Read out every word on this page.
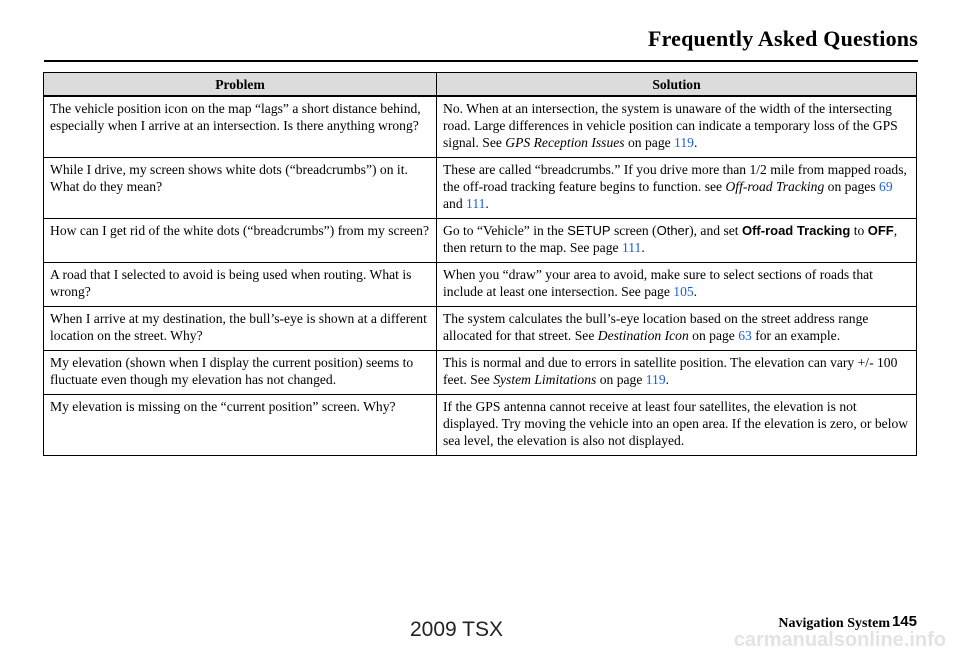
Frequently Asked Questions
Problem	Solution
The vehicle position icon on the map “lags” a short distance behind, especially when I arrive at an intersection. Is there anything wrong?	No. When at an intersection, the system is unaware of the width of the intersecting road. Large differences in vehicle position can indicate a temporary loss of the GPS signal. See GPS Reception Issues on page 119.
While I drive, my screen shows white dots (“breadcrumbs”) on it. What do they mean?	These are called “breadcrumbs.” If you drive more than 1/2 mile from mapped roads, the off-road tracking feature begins to function. see Off-road Tracking on pages 69 and 111.
How can I get rid of the white dots (“breadcrumbs”) from my screen?	Go to “Vehicle” in the SETUP screen (Other), and set Off-road Tracking to OFF, then return to the map. See page 111.
A road that I selected to avoid is being used when routing. What is wrong?	When you “draw” your area to avoid, make sure to select sections of roads that include at least one intersection. See page 105.
When I arrive at my destination, the bull’s-eye is shown at a different location on the street. Why?	The system calculates the bull’s-eye location based on the street address range allocated for that street. See Destination Icon on page 63 for an example.
My elevation (shown when I display the current position) seems to fluctuate even though my elevation has not changed.	This is normal and due to errors in satellite position. The elevation can vary +/- 100 feet. See System Limitations on page 119.
My elevation is missing on the “current position” screen. Why?	If the GPS antenna cannot receive at least four satellites, the elevation is not displayed. Try moving the vehicle into an open area. If the elevation is zero, or below sea level, the elevation is also not displayed.
Navigation System 145
2009 TSX	carmanualsonline.info
